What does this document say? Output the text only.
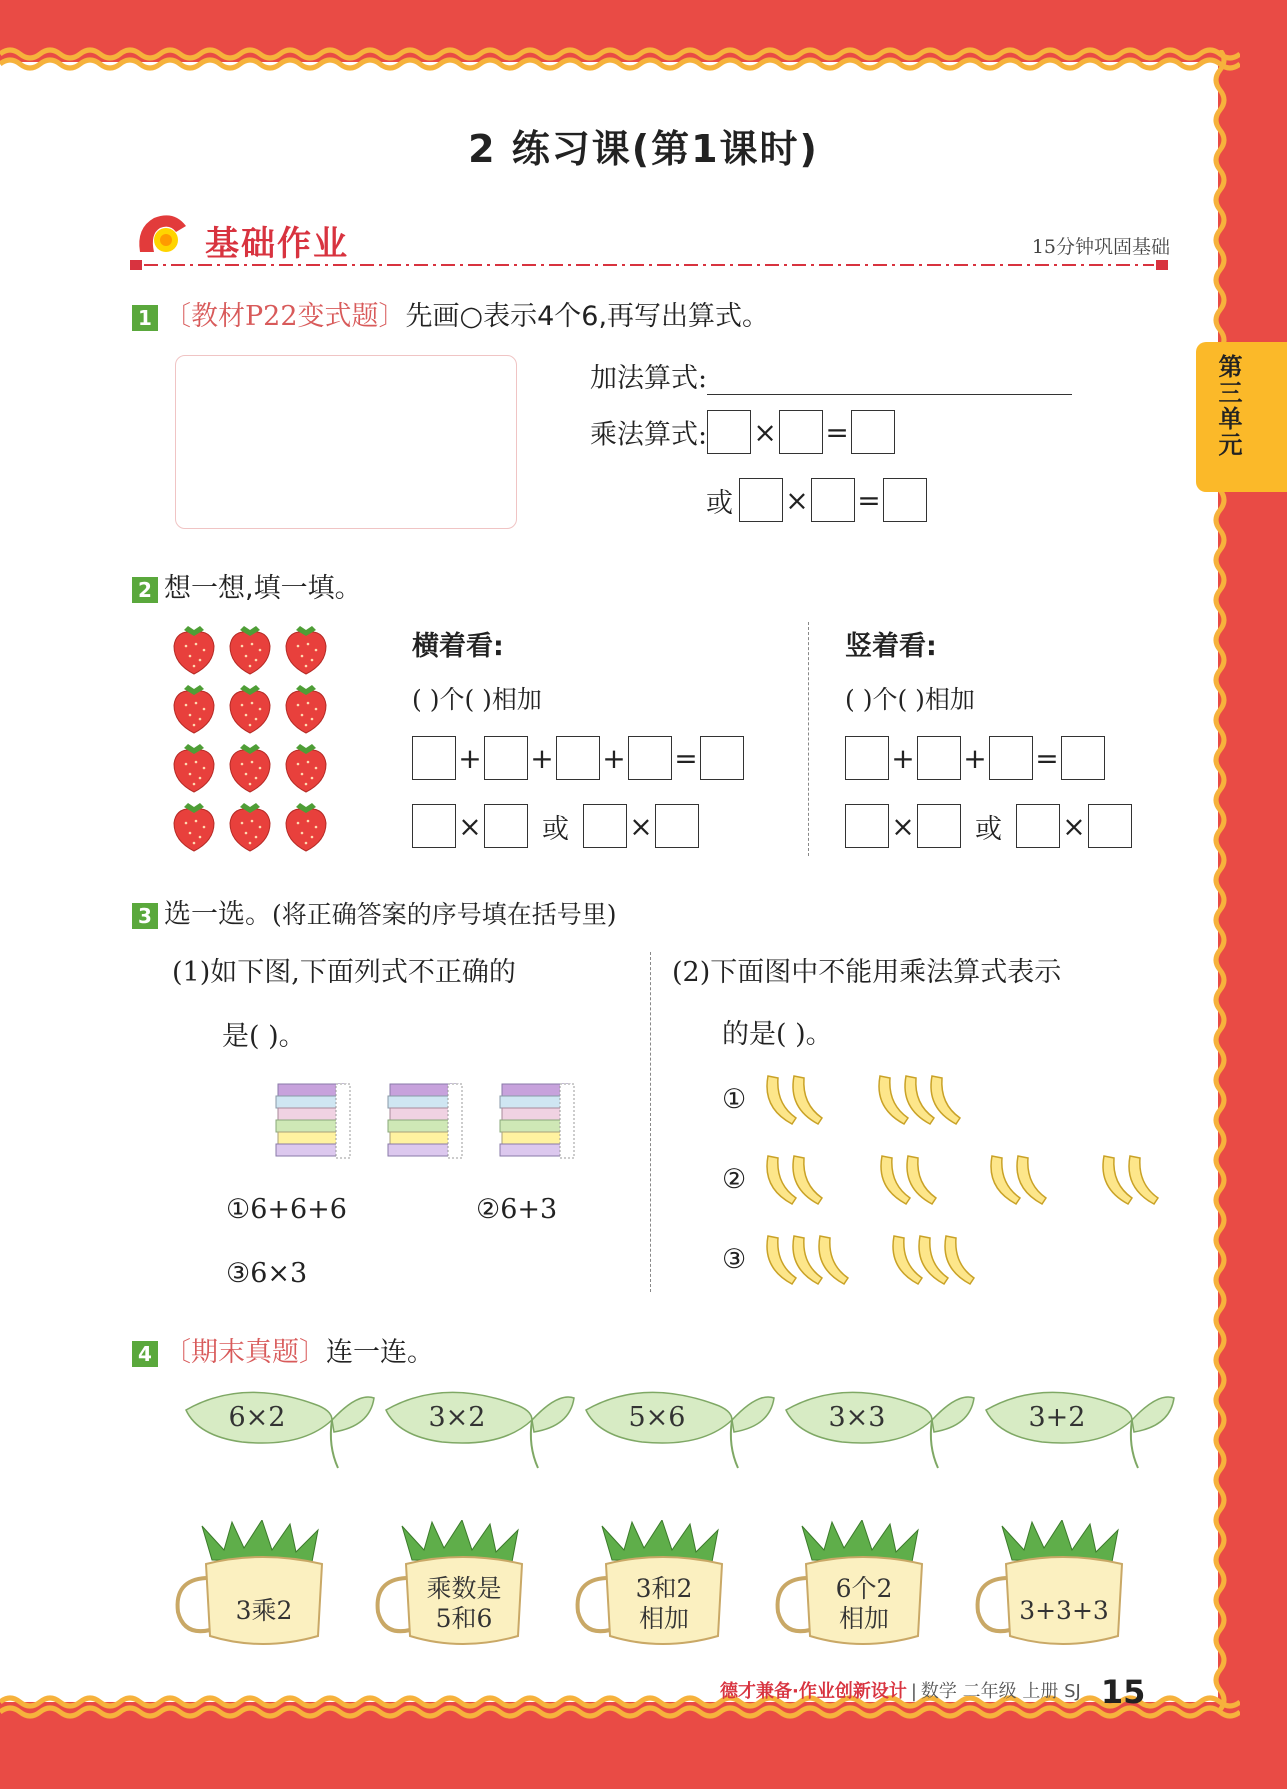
第三单元
2 练习课(第1课时)
基础作业	15分钟巩固基础
1 〔教材P22变式题〕先画○表示4个6,再写出算式。
加法算式:
乘法算式: × =
或 × =
2 想一想,填一填。
横着看:
( )个( )相加
+ + + =
× 或 ×
竖着看:
( )个( )相加
+ + =
× 或 ×
3 选一选。(将正确答案的序号填在括号里)
(1)如下图,下面列式不正确的
是( )。
①6+6+6	②6+3
③6×3
(2)下面图中不能用乘法算式表示
的是( )。
①
②
③
4 〔期末真题〕连一连。
6×2	3×2	5×6	3×3	3+2
3乘2
乘数是
5和6
3和2
相加
6个2
相加	3+3+3
德才兼备·作业创新设计 | 数学 二年级 上册 SJ 15
